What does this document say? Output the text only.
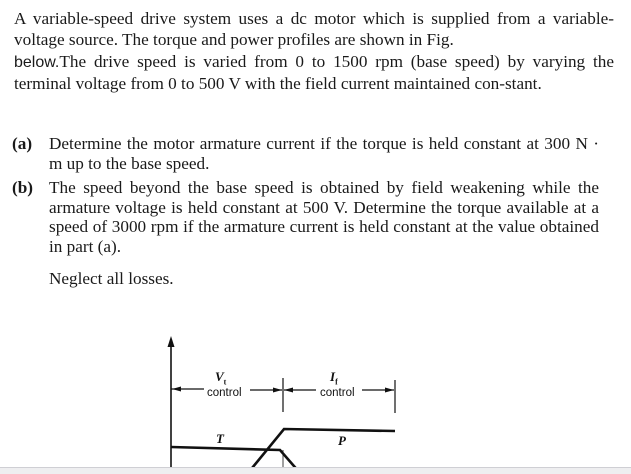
A variable-speed drive system uses a dc motor which is supplied from a variable-voltage source. The torque and power profiles are shown in Fig.
below.The drive speed is varied from 0 to 1500 rpm (base speed) by varying the terminal voltage from 0 to 500 V with the field current maintained con-stant.
(a) Determine the motor armature current if the torque is held constant at 300 N · m up to the base speed.
(b) The speed beyond the base speed is obtained by field weakening while the armature voltage is held constant at 500 V. Determine the torque available at a speed of 3000 rpm if the armature current is held constant at the value obtained in part (a).
Neglect all losses.
$V_t$
control
$I_f$
control
T	P
